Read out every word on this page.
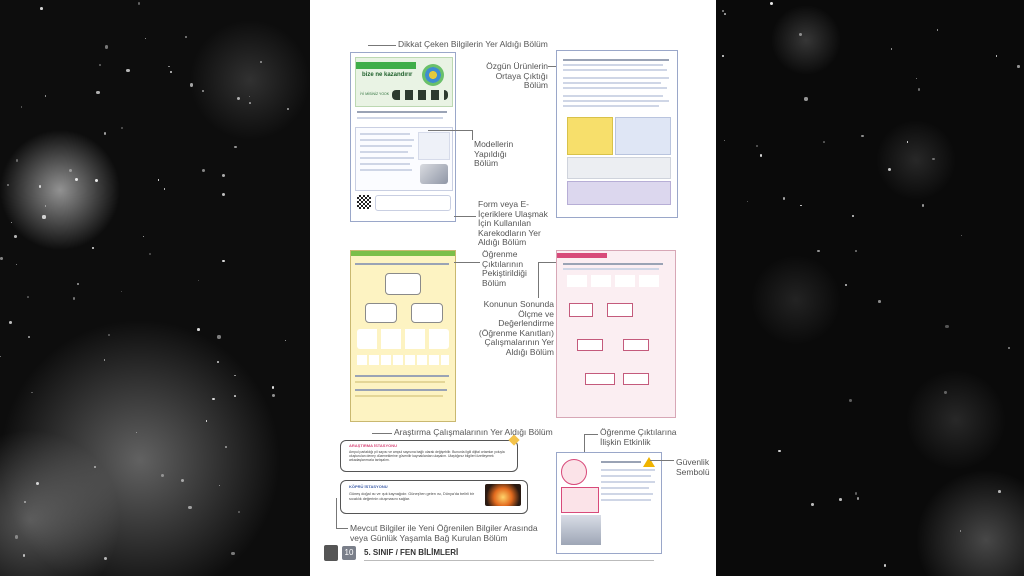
bize ne kazandırır
İYİ MİSİNİZ YOOK
ARAŞTIRMA İSTASYONU
Ampul parlaklığı pil sayısı ve ampul sayısına bağlı olarak değişebilir. Bununla ilgili dijital ortamlar yoluyla oluşturulan deney düzeneklerine güvenilir kaynaklardan ulaşalım. Ulaştığınız bilgileri özetleyerek arkadaşlarımızla tartışalım.
KÖPRÜ İSTASYONU
Güneş doğal ısı ve ışık kaynağıdır. Güneş'ten gelen ısı, Dünya'da belirli bir sıcaklık değerinin oluşmasını sağlar.
Dikkat Çeken Bilgilerin Yer Aldığı Bölüm
Özgün Ürünlerin Ortaya Çıktığı Bölüm
Modellerin Yapıldığı Bölüm
Form veya E-İçeriklere Ulaşmak İçin Kullanılan Karekodların Yer Aldığı Bölüm
Öğrenme Çıktılarının Pekiştirildiği Bölüm
Konunun Sonunda Ölçme ve Değerlendirme (Öğrenme Kanıtları) Çalışmalarının Yer Aldığı Bölüm
Araştırma Çalışmalarının Yer Aldığı Bölüm	Öğrenme Çıktılarına İlişkin Etkinlik
Güvenlik Sembolü
Mevcut Bilgiler ile Yeni Öğrenilen Bilgiler Arasında veya Günlük Yaşamla Bağ Kurulan Bölüm
10	5. SINIF / FEN BİLİMLERİ
